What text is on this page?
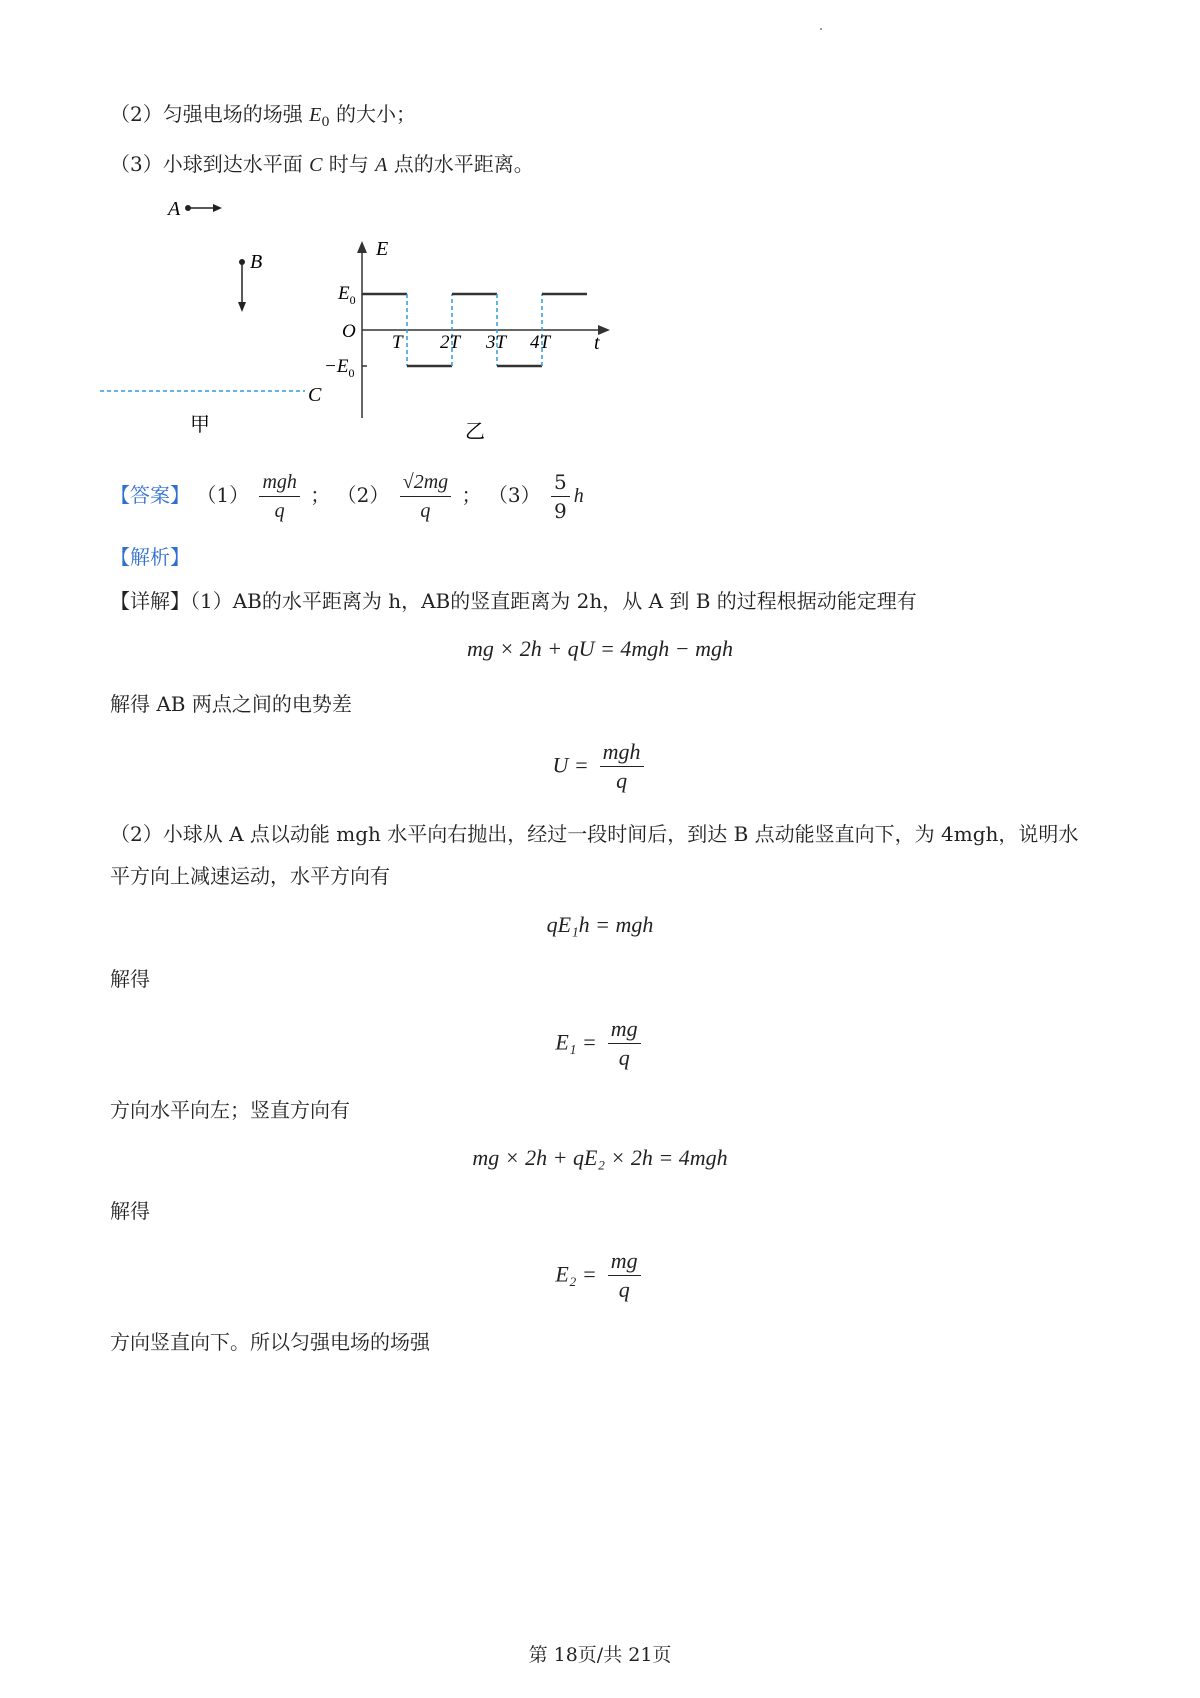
（2）匀强电场的场强 $E_0$ 的大小；
（3）小球到达水平面 C 时与 A 点的水平距离。
A
B
C
甲
E
t
O
$E_0$
$-E_0$
T 2T 3T 4T
乙
【答案】 $(1) \frac{\text{mgh}}{q}$ ； $(2) \frac{√2mg}{q}$ ； $(3) \frac{5}{9}$ h
【解析】
【详解】（1）AB的水平距离为 h，AB的竖直距离为 2h，从 A 到 B 的过程根据动能定理有
mg × 2h + qU = 4mgh − mgh
解得 AB 两点之间的电势差
$U = \frac{\text{mgh}}{q}$
（2）小球从 A 点以动能 mgh 水平向右抛出，经过一段时间后，到达 B 点动能竖直向下，为 4mgh，说明水
平方向上减速运动，水平方向有
qE₁h = mgh
解得
$E_1 = \frac{mg}{q}$
方向水平向左；竖直方向有
mg × 2h + qE₂ × 2h = 4mgh
解得
$E_2 = \frac{mg}{q}$
方向竖直向下。所以匀强电场的场强
第 18页/共 21页
